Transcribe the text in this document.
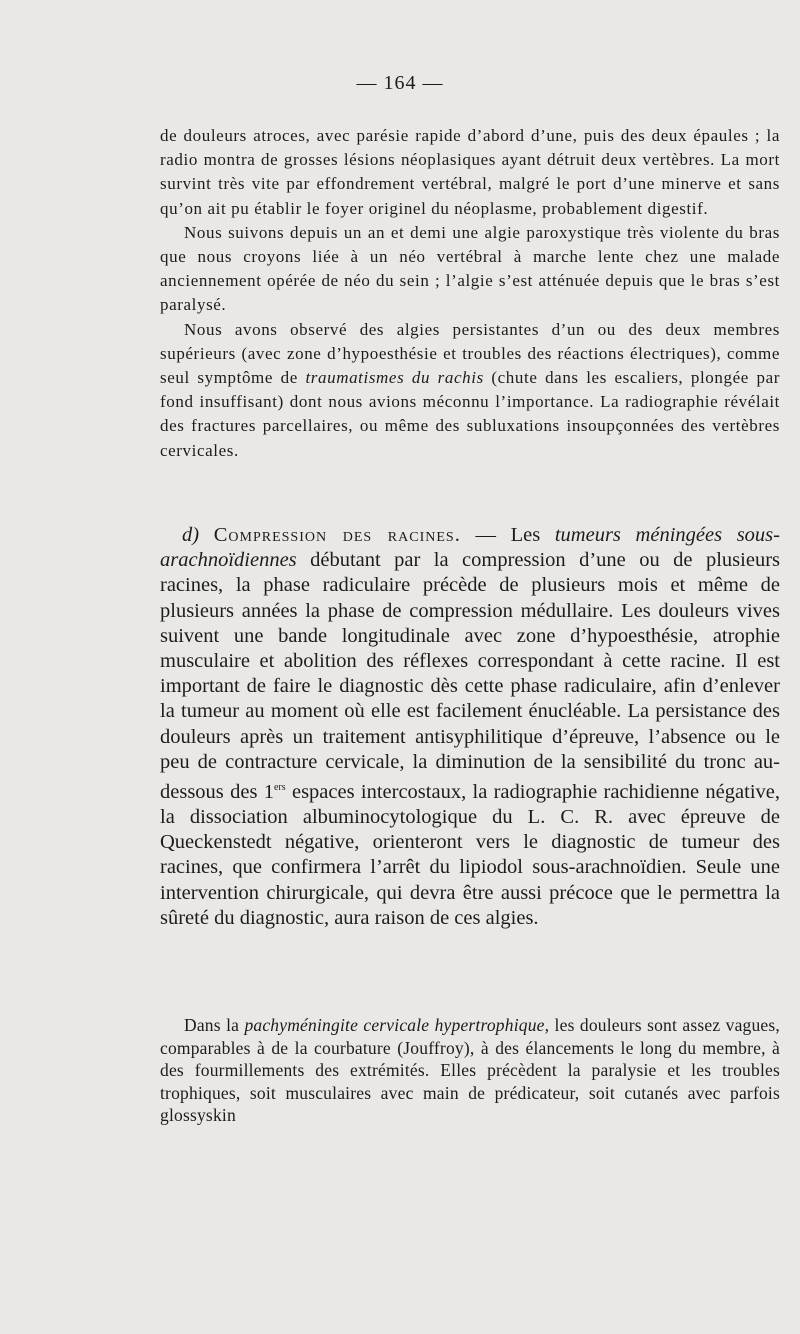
— 164 —

de douleurs atroces, avec parésie rapide d’abord d’une, puis des deux épaules ; la radio montra de grosses lésions néoplasiques ayant détruit deux vertèbres. La mort survint très vite par effondrement vertébral, malgré le port d’une minerve et sans qu’on ait pu établir le foyer originel du néoplasme, probablement digestif.

Nous suivons depuis un an et demi une algie paroxystique très violente du bras que nous croyons liée à un néo vertébral à marche lente chez une malade anciennement opérée de néo du sein ; l’algie s’est atténuée depuis que le bras s’est paralysé.

Nous avons observé des algies persistantes d’un ou des deux membres supérieurs (avec zone d’hypoesthésie et troubles des réactions électriques), comme seul symptôme de traumatismes du rachis (chute dans les escaliers, plongée par fond insuffisant) dont nous avions méconnu l’importance. La radiographie révélait des fractures parcellaires, ou même des subluxations insoupçonnées des vertèbres cervicales.

d) Compression des racines. — Les tumeurs méningées sous-arachnoïdiennes débutant par la compression d’une ou de plusieurs racines, la phase radiculaire précède de plusieurs mois et même de plusieurs années la phase de compression médullaire. Les douleurs vives suivent une bande longitudinale avec zone d’hypoesthésie, atrophie musculaire et abolition des réflexes correspondant à cette racine. Il est important de faire le diagnostic dès cette phase radiculaire, afin d’enlever la tumeur au moment où elle est facilement énucléable. La persistance des douleurs après un traitement antisyphilitique d’épreuve, l’absence ou le peu de contracture cervicale, la diminution de la sensibilité du tronc au-dessous des 1ers espaces intercostaux, la radiographie rachidienne négative, la dissociation albuminocytologique du L. C. R. avec épreuve de Queckenstedt négative, orienteront vers le diagnostic de tumeur des racines, que confirmera l’arrêt du lipiodol sous-arachnoïdien. Seule une intervention chirurgicale, qui devra être aussi précoce que le permettra la sûreté du diagnostic, aura raison de ces algies.

Dans la pachyméningite cervicale hypertrophique, les douleurs sont assez vagues, comparables à de la courbature (Jouffroy), à des élancements le long du membre, à des fourmillements des extrémités. Elles précèdent la paralysie et les troubles trophiques, soit musculaires avec main de prédicateur, soit cutanés avec parfois glossyskin
